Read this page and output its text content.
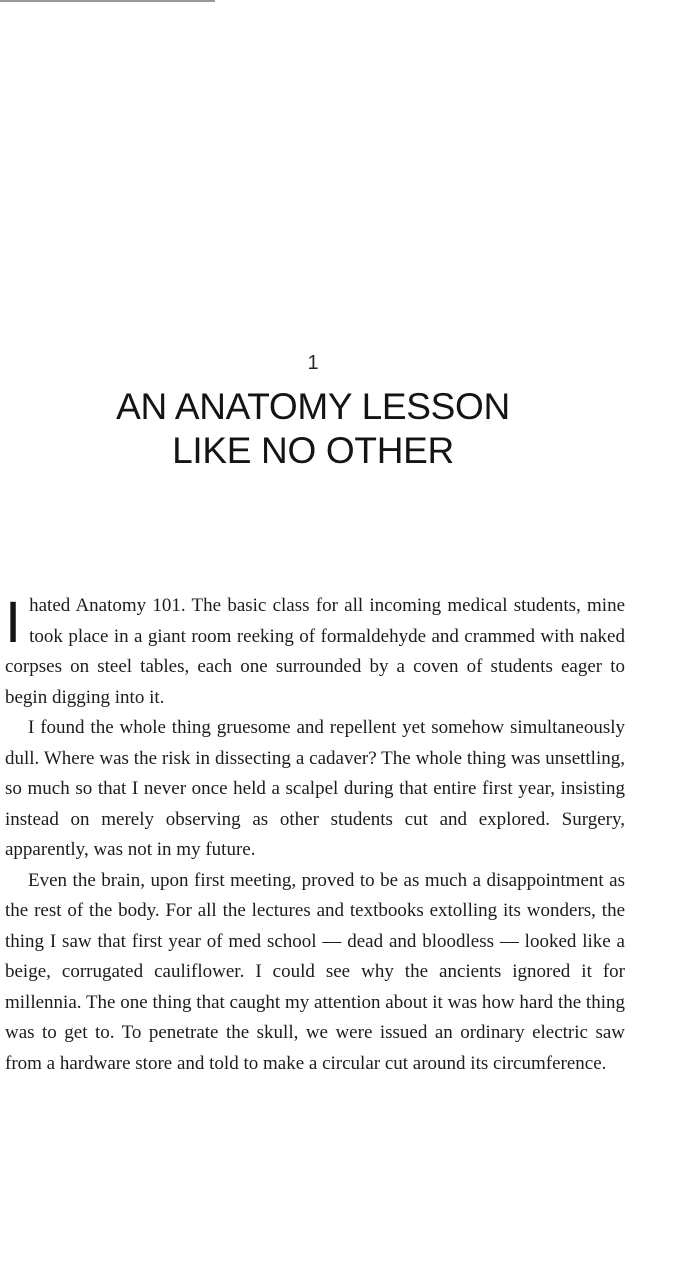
1
AN ANATOMY LESSON
LIKE NO OTHER

I hated Anatomy 101. The basic class for all incoming medical students, mine took place in a giant room reeking of formaldehyde and crammed with naked corpses on steel tables, each one surrounded by a coven of students eager to begin digging into it.

I found the whole thing gruesome and repellent yet somehow simultaneously dull. Where was the risk in dissecting a cadaver? The whole thing was unsettling, so much so that I never once held a scalpel during that entire first year, insisting instead on merely observing as other students cut and explored. Surgery, apparently, was not in my future.

Even the brain, upon first meeting, proved to be as much a disappointment as the rest of the body. For all the lectures and textbooks extolling its wonders, the thing I saw that first year of med school — dead and bloodless — looked like a beige, corrugated cauliflower. I could see why the ancients ignored it for millennia. The one thing that caught my attention about it was how hard the thing was to get to. To penetrate the skull, we were issued an ordinary electric saw from a hardware store and told to make a circular cut around its circumference.
